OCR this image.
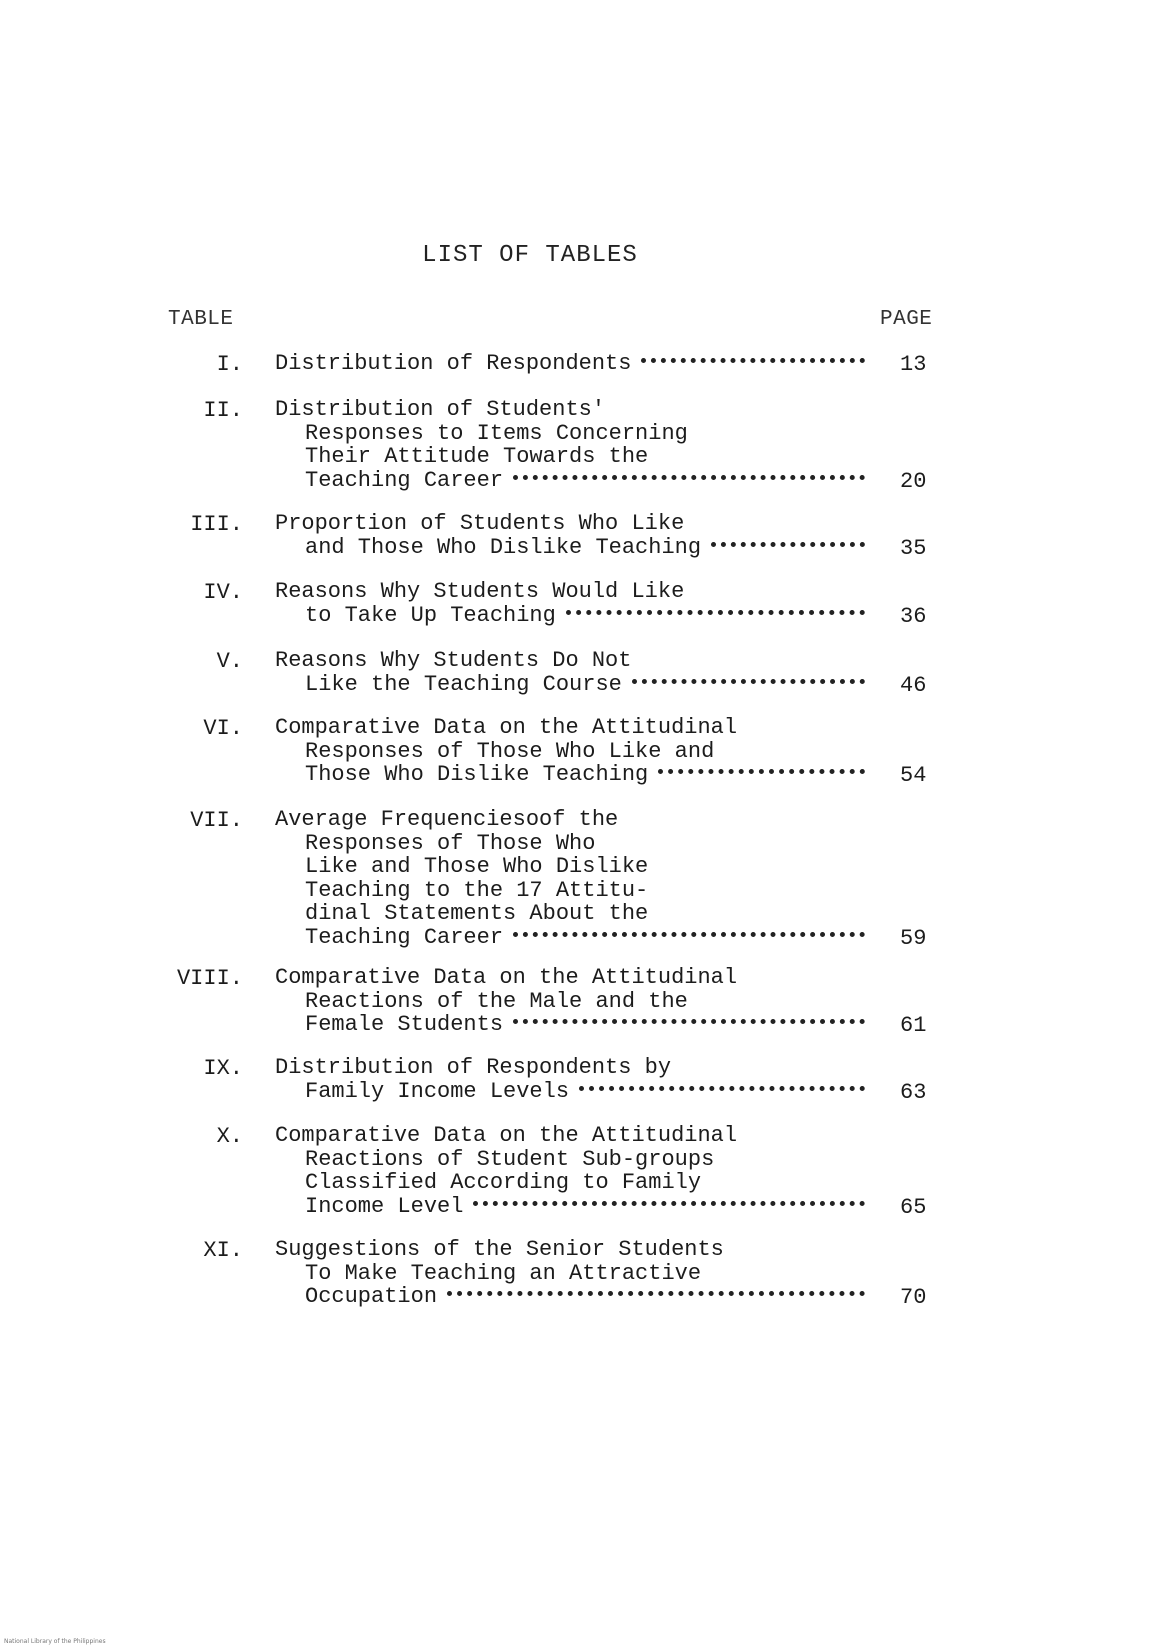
LIST OF TABLES
TABLE	PAGE
I. Distribution of Respondents	13
II. Distribution of Students'
Responses to Items Concerning
Their Attitude Towards the
Teaching Career	20
III. Proportion of Students Who Like
and Those Who Dislike Teaching	35
IV. Reasons Why Students Would Like
to Take Up Teaching	36
V. Reasons Why Students Do Not
Like the Teaching Course	46
VI. Comparative Data on the Attitudinal
Responses of Those Who Like and
Those Who Dislike Teaching	54
VII. Average Frequenciesoof the
Responses of Those Who
Like and Those Who Dislike
Teaching to the 17 Attitu-
dinal Statements About the
Teaching Career	59
VIII. Comparative Data on the Attitudinal
Reactions of the Male and the
Female Students	61
IX. Distribution of Respondents by
Family Income Levels	63
X. Comparative Data on the Attitudinal
Reactions of Student Sub-groups
Classified According to Family
Income Level	65
XI. Suggestions of the Senior Students
To Make Teaching an Attractive
Occupation	70
National Library of the Philippines
